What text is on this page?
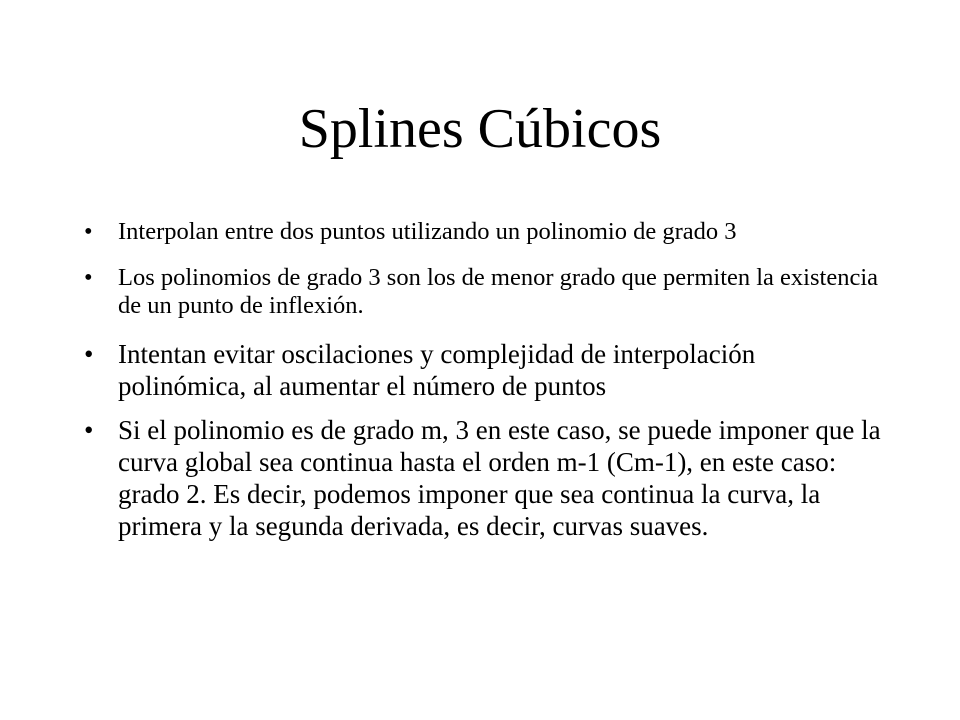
Splines Cúbicos
• Interpolan entre dos puntos utilizando un polinomio de grado 3
• Los polinomios de grado 3 son los de menor grado que permiten la existencia de un punto de inflexión.
• Intentan evitar oscilaciones y complejidad de interpolación polinómica, al aumentar el número de puntos
• Si el polinomio es de grado m, 3 en este caso, se puede imponer que la curva global sea continua hasta el orden m-1 (Cm-1), en este caso: grado 2. Es decir, podemos imponer que sea continua la curva, la primera y la segunda derivada, es decir, curvas suaves.
